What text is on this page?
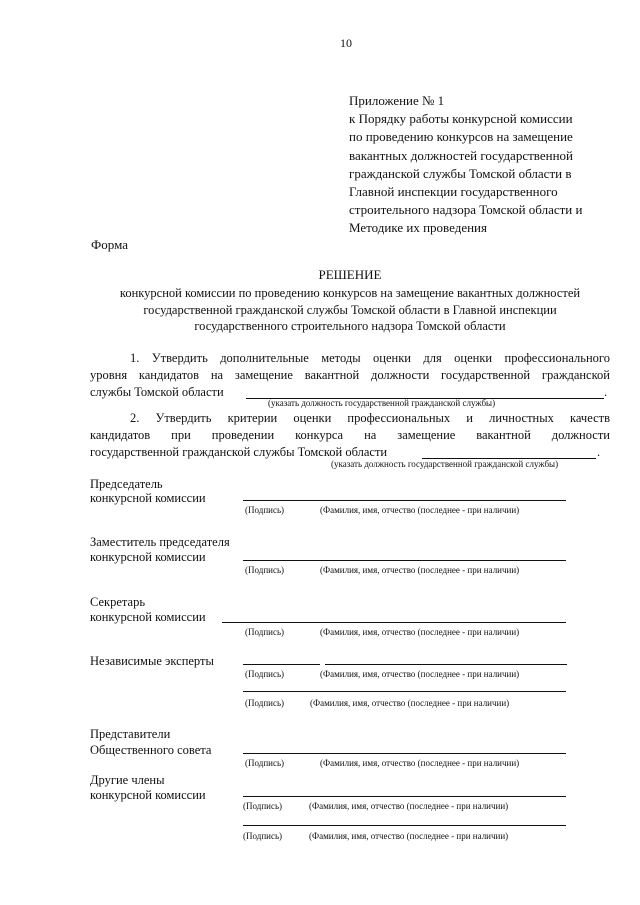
10
Приложение № 1
к Порядку работы конкурсной комиссии
по проведению конкурсов на замещение
вакантных должностей государственной
гражданской службы Томской области в
Главной инспекции государственного
строительного надзора Томской области и
Методике их проведения
Форма
РЕШЕНИЕ
конкурсной комиссии по проведению конкурсов на замещение вакантных должностей
государственной гражданской службы Томской области в Главной инспекции
государственного строительного надзора Томской области
1. Утвердить дополнительные методы оценки для оценки профессионального
уровня кандидатов на замещение вакантной должности государственной гражданской
службы Томской области	.
(указать должность государственной гражданской службы)
2. Утвердить критерии оценки профессиональных и личностных качеств
кандидатов при проведении конкурса на замещение вакантной должности
государственной гражданской службы Томской области	.
(указать должность государственной гражданской службы)
Председатель
конкурсной комиссии
(Подпись)	(Фамилия, имя, отчество (последнее - при наличии)
Заместитель председателя
конкурсной комиссии
(Подпись)	(Фамилия, имя, отчество (последнее - при наличии)
Секретарь
конкурсной комиссии
(Подпись)	(Фамилия, имя, отчество (последнее - при наличии)
Независимые эксперты
(Подпись)	(Фамилия, имя, отчество (последнее - при наличии)
(Подпись)	(Фамилия, имя, отчество (последнее - при наличии)
Представители
Общественного совета
(Подпись)	(Фамилия, имя, отчество (последнее - при наличии)
Другие члены
конкурсной комиссии
(Подпись)	(Фамилия, имя, отчество (последнее - при наличии)
(Подпись)	(Фамилия, имя, отчество (последнее - при наличии)
